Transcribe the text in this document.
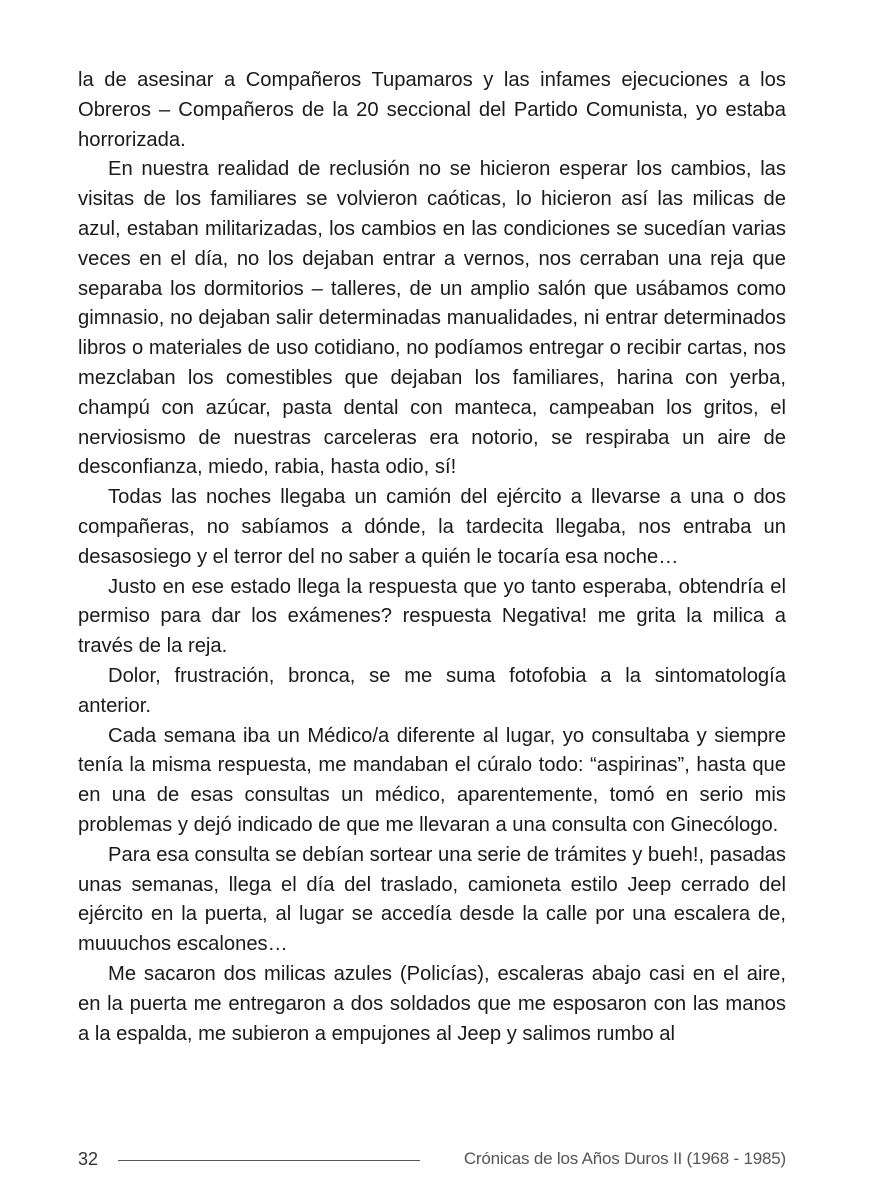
la de asesinar a Compañeros Tupamaros y las infames ejecuciones a los Obreros – Compañeros de la 20 seccional del Partido Comunista, yo estaba horrorizada.

En nuestra realidad de reclusión no se hicieron esperar los cambios, las visitas de los familiares se volvieron caóticas, lo hicieron así las milicas de azul, estaban militarizadas, los cambios en las condiciones se sucedían varias veces en el día, no los dejaban entrar a vernos, nos cerraban una reja que separaba los dormitorios – talleres, de un amplio salón que usábamos como gimnasio, no dejaban salir determinadas manualidades, ni entrar determinados libros o materiales de uso cotidiano, no podíamos entregar o recibir cartas, nos mezclaban los comestibles que dejaban los familiares, harina con yerba, champú con azúcar, pasta dental con manteca, campeaban los gritos, el nerviosismo de nuestras carceleras era notorio, se respiraba un aire de desconfianza, miedo, rabia, hasta odio, sí!

Todas las noches llegaba un camión del ejército a llevarse a una o dos compañeras, no sabíamos a dónde, la tardecita llegaba, nos entraba un desasosiego y el terror del no saber a quién le tocaría esa noche…

Justo en ese estado llega la respuesta que yo tanto esperaba, obtendría el permiso para dar los exámenes? respuesta Negativa! me grita la milica a través de la reja.

Dolor, frustración, bronca, se me suma fotofobia a la sintomatología anterior.

Cada semana iba un Médico/a diferente al lugar, yo consultaba y siempre tenía la misma respuesta, me mandaban el cúralo todo: “aspirinas”, hasta que en una de esas consultas un médico, aparentemente, tomó en serio mis problemas y dejó indicado de que me llevaran a una consulta con Ginecólogo.

Para esa consulta se debían sortear una serie de trámites y bueh!, pasadas unas semanas, llega el día del traslado, camioneta estilo Jeep cerrado del ejército en la puerta, al lugar se accedía desde la calle por una escalera de, muuuchos escalones…

Me sacaron dos milicas azules (Policías), escaleras abajo casi en el aire, en la puerta me entregaron a dos soldados que me esposaron con las manos a la espalda, me subieron a empujones al Jeep y salimos rumbo al

32	Crónicas de los Años Duros II (1968 - 1985)
